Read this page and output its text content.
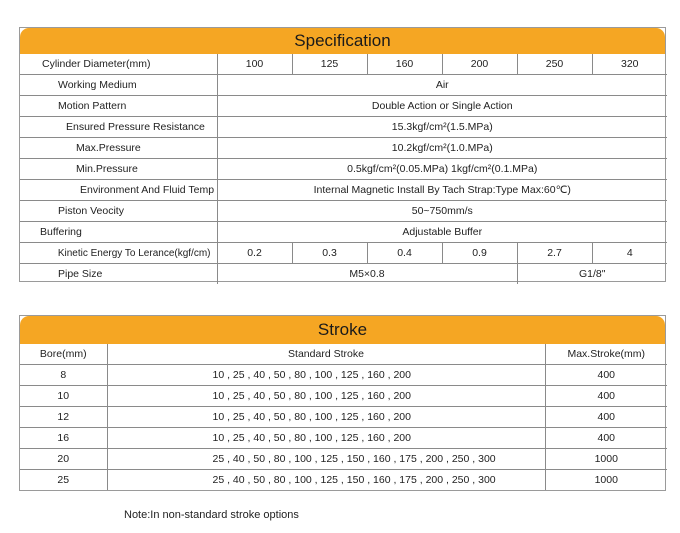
Specification
Cylinder Diameter(mm)	100	125	160	200	250	320
Working Medium	Air					
Motion Pattern	Double Action or Single Action					
Ensured Pressure Resistance	15.3kgf/cm²(1.5.MPa)					
Max.Pressure	10.2kgf/cm²(1.0.MPa)					
Min.Pressure	0.5kgf/cm²(0.05.MPa) 1kgf/cm²(0.1.MPa)					
Environment And Fluid Temp	Internal Magnetic Install By Tach Strap:Type Max:60℃)					
Piston Veocity	50~750mm/s					
Buffering	Adjustable Buffer					
Kinetic Energy To Lerance(kgf/cm)	0.2	0.3	0.4	0.9	2.7	4
Pipe Size	M5×0.8				G1/8"	
Stroke
Bore(mm)	Standard Stroke	Max.Stroke(mm)
8	10 , 25 , 40 , 50 , 80 , 100 , 125 , 160 , 200	400
10	10 , 25 , 40 , 50 , 80 , 100 , 125 , 160 , 200	400
12	10 , 25 , 40 , 50 , 80 , 100 , 125 , 160 , 200	400
16	10 , 25 , 40 , 50 , 80 , 100 , 125 , 160 , 200	400
20	25 , 40 , 50 , 80 , 100 , 125 , 150 , 160 , 175 , 200 , 250 , 300	1000
25	25 , 40 , 50 , 80 , 100 , 125 , 150 , 160 , 175 , 200 , 250 , 300	1000
Note:In non-standard stroke options
